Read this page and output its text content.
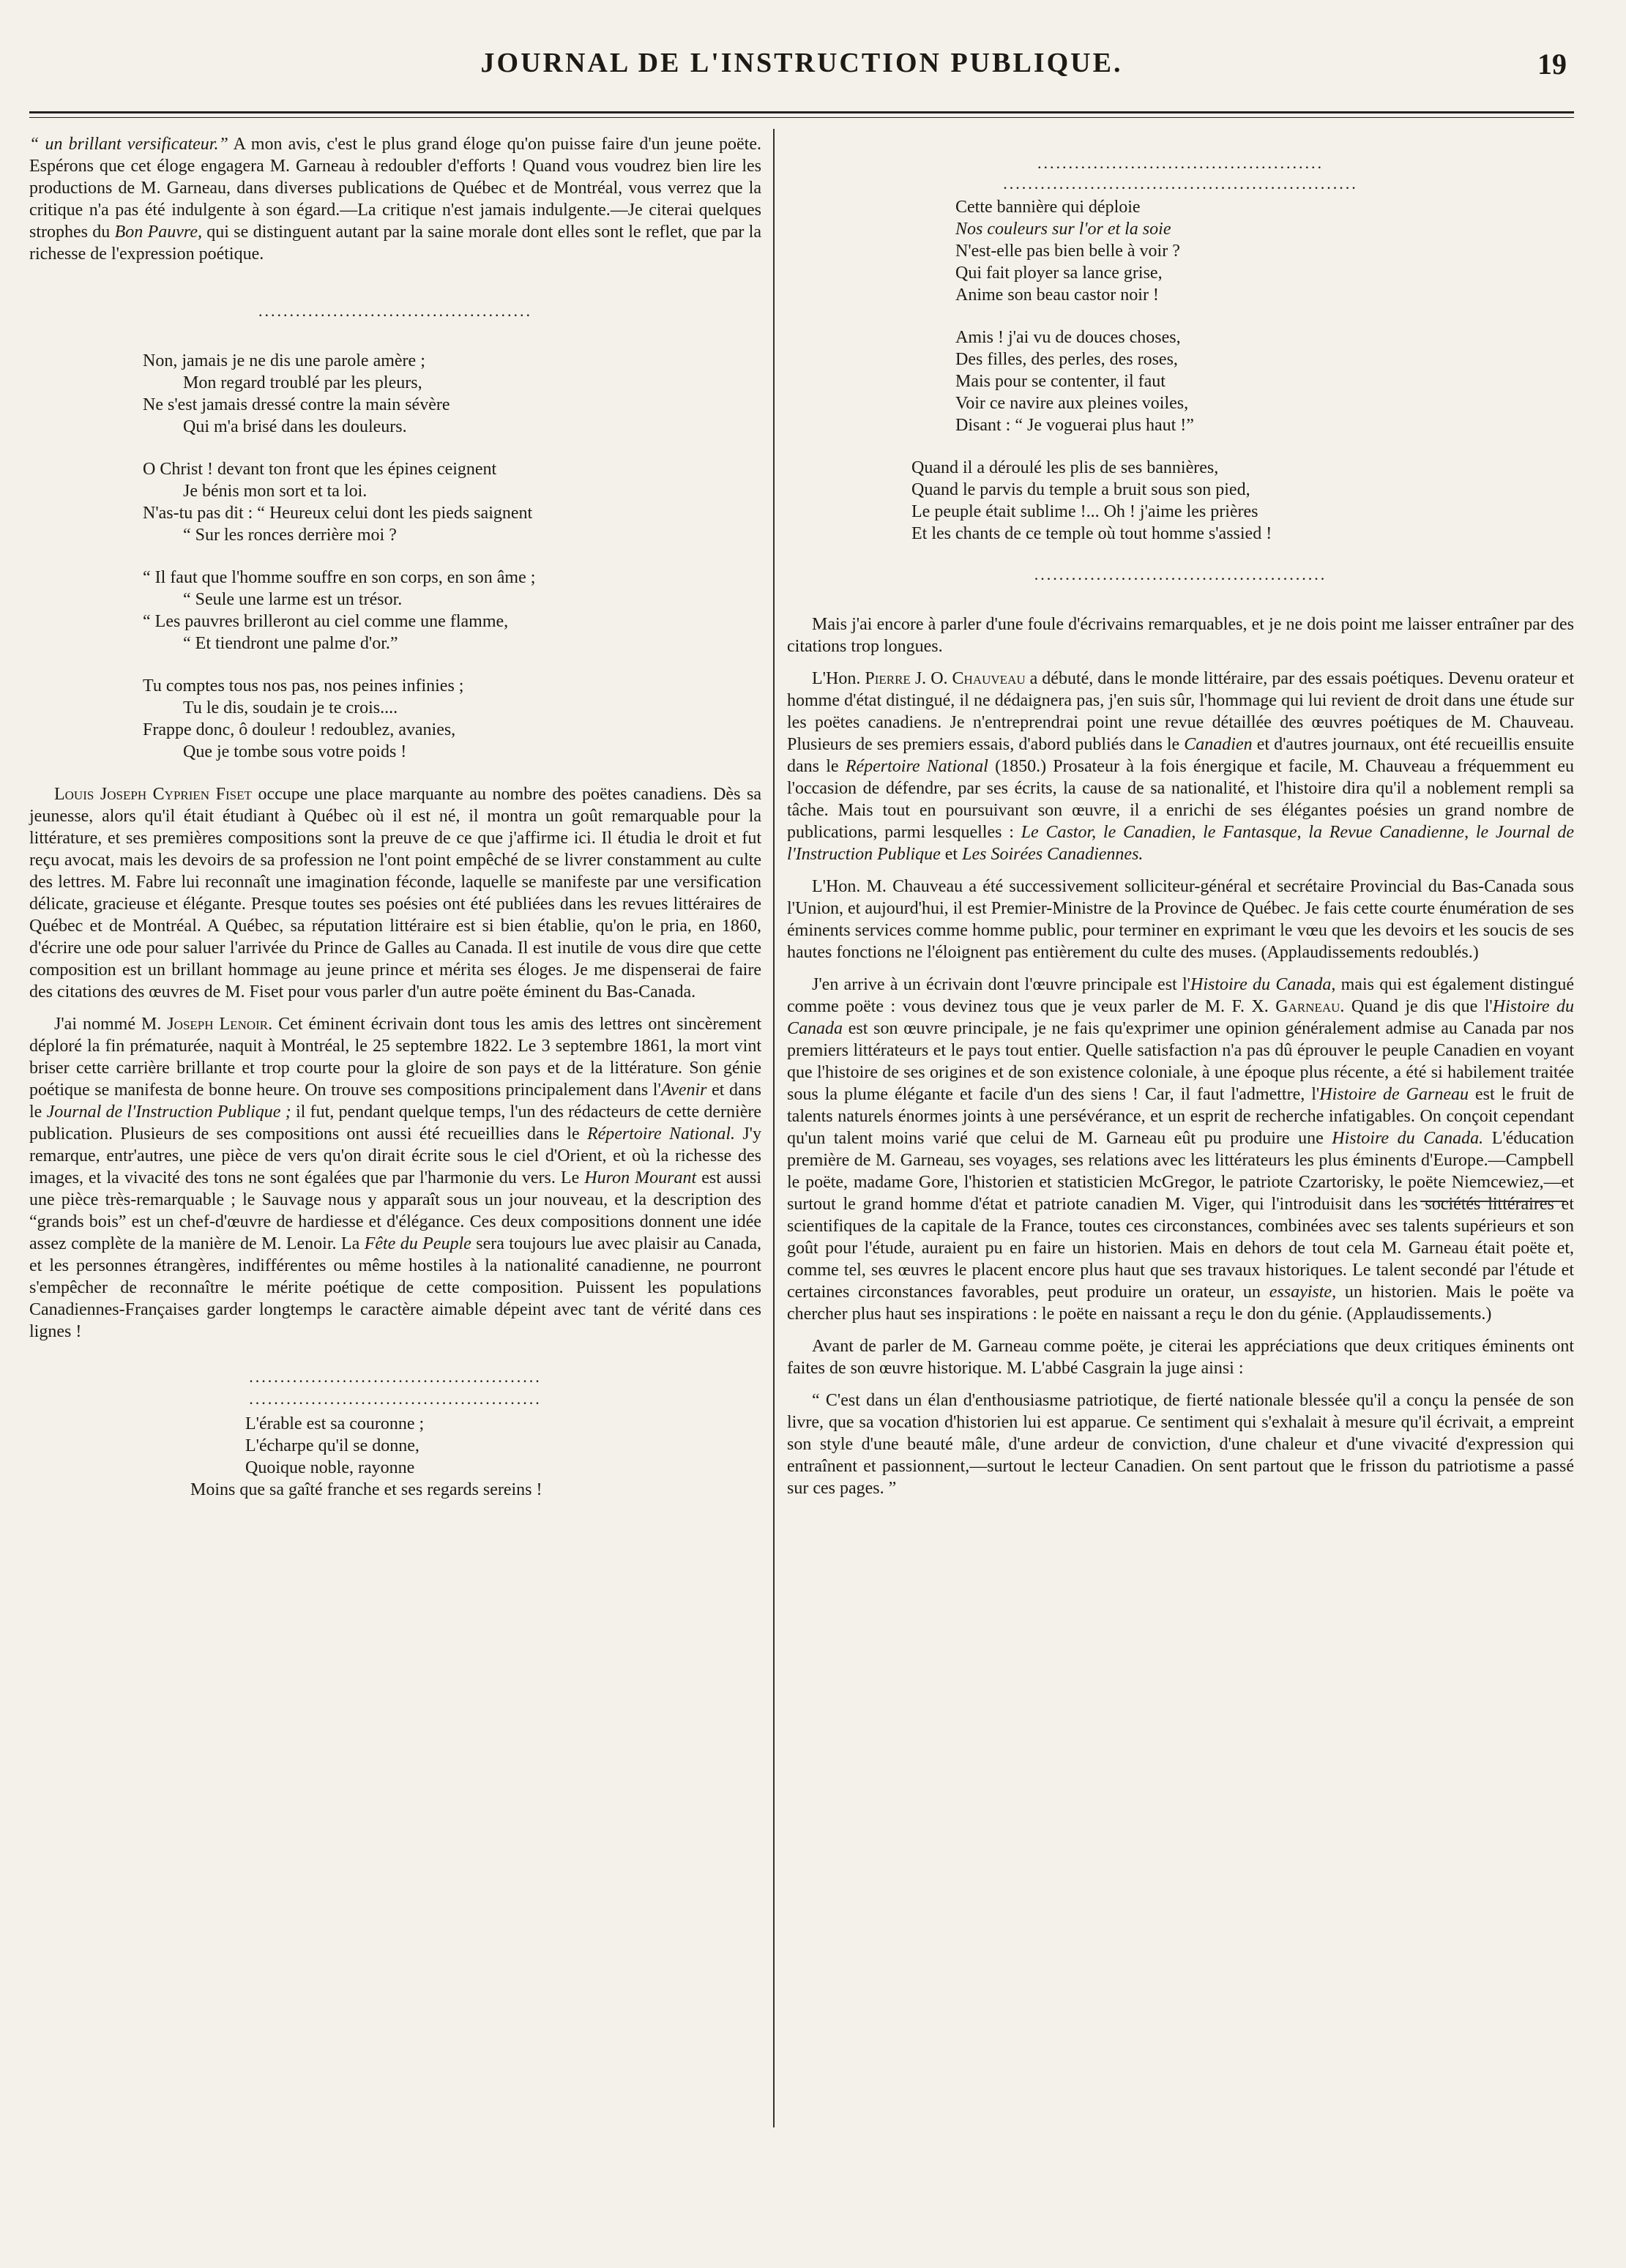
JOURNAL DE L'INSTRUCTION PUBLIQUE.	19

“ un brillant versificateur.” A mon avis, c'est le plus grand éloge qu'on puisse faire d'un jeune poëte. Espérons que cet éloge engagera M. Garneau à redoubler d'efforts ! Quand vous voudrez bien lire les productions de M. Garneau, dans diverses publications de Québec et de Montréal, vous verrez que la critique n'a pas été indulgente à son égard.—La critique n'est jamais indulgente.—Je citerai quelques strophes du Bon Pauvre, qui se distinguent autant par la saine morale dont elles sont le reflet, que par la richesse de l'expression poétique.

............................................

Non, jamais je ne dis une parole amère ;

Mon regard troublé par les pleurs,

Ne s'est jamais dressé contre la main sévère

Qui m'a brisé dans les douleurs.

O Christ ! devant ton front que les épines ceignent

Je bénis mon sort et ta loi.

N'as-tu pas dit : “ Heureux celui dont les pieds saignent

“ Sur les ronces derrière moi ?

“ Il faut que l'homme souffre en son corps, en son âme ;

“ Seule une larme est un trésor.

“ Les pauvres brilleront au ciel comme une flamme,

“ Et tiendront une palme d'or.”

Tu comptes tous nos pas, nos peines infinies ;

Tu le dis, soudain je te crois....

Frappe donc, ô douleur ! redoublez, avanies,

Que je tombe sous votre poids !

Louis Joseph Cyprien Fiset occupe une place marquante au nombre des poëtes canadiens. Dès sa jeunesse, alors qu'il était étudiant à Québec où il est né, il montra un goût remarquable pour la littérature, et ses premières compositions sont la preuve de ce que j'affirme ici. Il étudia le droit et fut reçu avocat, mais les devoirs de sa profession ne l'ont point empêché de se livrer constamment au culte des lettres. M. Fabre lui reconnaît une imagination féconde, laquelle se manifeste par une versification délicate, gracieuse et élégante. Presque toutes ses poésies ont été publiées dans les revues littéraires de Québec et de Montréal. A Québec, sa réputation littéraire est si bien établie, qu'on le pria, en 1860, d'écrire une ode pour saluer l'arrivée du Prince de Galles au Canada. Il est inutile de vous dire que cette composition est un brillant hommage au jeune prince et mérita ses éloges. Je me dispenserai de faire des citations des œuvres de M. Fiset pour vous parler d'un autre poëte éminent du Bas-Canada.

J'ai nommé M. Joseph Lenoir. Cet éminent écrivain dont tous les amis des lettres ont sincèrement déploré la fin prématurée, naquit à Montréal, le 25 septembre 1822. Le 3 septembre 1861, la mort vint briser cette carrière brillante et trop courte pour la gloire de son pays et de la littérature. Son génie poétique se manifesta de bonne heure. On trouve ses compositions principalement dans l'Avenir et dans le Journal de l'Instruction Publique ; il fut, pendant quelque temps, l'un des rédacteurs de cette dernière publication. Plusieurs de ses compositions ont aussi été recueillies dans le Répertoire National. J'y remarque, entr'autres, une pièce de vers qu'on dirait écrite sous le ciel d'Orient, et où la richesse des images, et la vivacité des tons ne sont égalées que par l'harmonie du vers. Le Huron Mourant est aussi une pièce très-remarquable ; le Sauvage nous y apparaît sous un jour nouveau, et la description des “grands bois” est un chef-d'œuvre de hardiesse et d'élégance. Ces deux compositions donnent une idée assez complète de la manière de M. Lenoir. La Fête du Peuple sera toujours lue avec plaisir au Canada, et les personnes étrangères, indifférentes ou même hostiles à la nationalité canadienne, ne pourront s'empêcher de reconnaître le mérite poétique de cette composition. Puissent les populations Canadiennes-Françaises garder longtemps le caractère aimable dépeint avec tant de vérité dans ces lignes !

...............................................
...............................................

L'érable est sa couronne ;

L'écharpe qu'il se donne,

Quoique noble, rayonne

Moins que sa gaîté franche et ses regards sereins !

..............................................
.........................................................

Cette bannière qui déploie

Nos couleurs sur l'or et la soie

N'est-elle pas bien belle à voir ?

Qui fait ployer sa lance grise,

Anime son beau castor noir !

Amis ! j'ai vu de douces choses,

Des filles, des perles, des roses,

Mais pour se contenter, il faut

Voir ce navire aux pleines voiles,

Disant : “ Je voguerai plus haut !”

Quand il a déroulé les plis de ses bannières,

Quand le parvis du temple a bruit sous son pied,

Le peuple était sublime !... Oh ! j'aime les prières

Et les chants de ce temple où tout homme s'assied !

...............................................

Mais j'ai encore à parler d'une foule d'écrivains remarquables, et je ne dois point me laisser entraîner par des citations trop longues.

L'Hon. Pierre J. O. Chauveau a débuté, dans le monde littéraire, par des essais poétiques. Devenu orateur et homme d'état distingué, il ne dédaignera pas, j'en suis sûr, l'hommage qui lui revient de droit dans une étude sur les poëtes canadiens. Je n'entreprendrai point une revue détaillée des œuvres poétiques de M. Chauveau. Plusieurs de ses premiers essais, d'abord publiés dans le Canadien et d'autres journaux, ont été recueillis ensuite dans le Répertoire National (1850.) Prosateur à la fois énergique et facile, M. Chauveau a fréquemment eu l'occasion de défendre, par ses écrits, la cause de sa nationalité, et l'histoire dira qu'il a noblement rempli sa tâche. Mais tout en poursuivant son œuvre, il a enrichi de ses élégantes poésies un grand nombre de publications, parmi lesquelles : Le Castor, le Canadien, le Fantasque, la Revue Canadienne, le Journal de l'Instruction Publique et Les Soirées Canadiennes.

L'Hon. M. Chauveau a été successivement solliciteur-général et secrétaire Provincial du Bas-Canada sous l'Union, et aujourd'hui, il est Premier-Ministre de la Province de Québec. Je fais cette courte énumération de ses éminents services comme homme public, pour terminer en exprimant le vœu que les devoirs et les soucis de ses hautes fonctions ne l'éloignent pas entièrement du culte des muses. (Applaudissements redoublés.)

J'en arrive à un écrivain dont l'œuvre principale est l'Histoire du Canada, mais qui est également distingué comme poëte : vous devinez tous que je veux parler de M. F. X. Garneau. Quand je dis que l'Histoire du Canada est son œuvre principale, je ne fais qu'exprimer une opinion généralement admise au Canada par nos premiers littérateurs et le pays tout entier. Quelle satisfaction n'a pas dû éprouver le peuple Canadien en voyant que l'histoire de ses origines et de son existence coloniale, à une époque plus récente, a été si habilement traitée sous la plume élégante et facile d'un des siens ! Car, il faut l'admettre, l'Histoire de Garneau est le fruit de talents naturels énormes joints à une persévérance, et un esprit de recherche infatigables. On conçoit cependant qu'un talent moins varié que celui de M. Garneau eût pu produire une Histoire du Canada. L'éducation première de M. Garneau, ses voyages, ses relations avec les littérateurs les plus éminents d'Europe.—Campbell le poëte, madame Gore, l'historien et statisticien McGregor, le patriote Czartorisky, le poëte Niemcewiez,—et surtout le grand homme d'état et patriote canadien M. Viger, qui l'introduisit dans les sociétés littéraires et scientifiques de la capitale de la France, toutes ces circonstances, combinées avec ses talents supérieurs et son goût pour l'étude, auraient pu en faire un historien. Mais en dehors de tout cela M. Garneau était poëte et, comme tel, ses œuvres le placent encore plus haut que ses travaux historiques. Le talent secondé par l'étude et certaines circonstances favorables, peut produire un orateur, un essayiste, un historien. Mais le poëte va chercher plus haut ses inspirations : le poëte en naissant a reçu le don du génie. (Applaudissements.)

Avant de parler de M. Garneau comme poëte, je citerai les appréciations que deux critiques éminents ont faites de son œuvre historique. M. L'abbé Casgrain la juge ainsi :

“ C'est dans un élan d'enthousiasme patriotique, de fierté nationale blessée qu'il a conçu la pensée de son livre, que sa vocation d'historien lui est apparue. Ce sentiment qui s'exhalait à mesure qu'il écrivait, a empreint son style d'une beauté mâle, d'une ardeur de conviction, d'une chaleur et d'une vivacité d'expression qui entraînent et passionnent,—surtout le lecteur Canadien. On sent partout que le frisson du patriotisme a passé sur ces pages. ”
